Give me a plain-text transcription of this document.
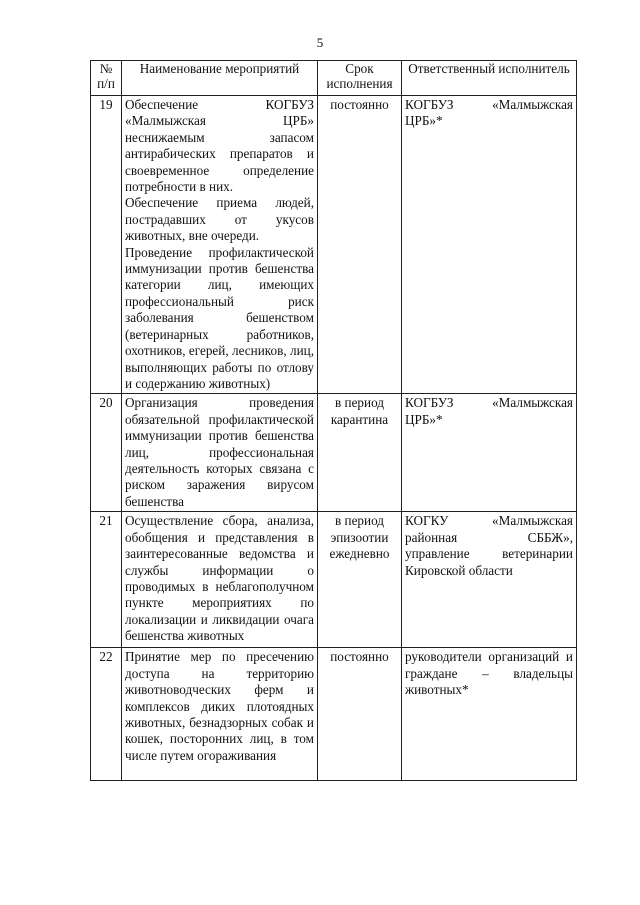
5
№ п/п	Наименование мероприятий	Срок исполнения	Ответственный исполнитель
19	Обеспечение КОГБУЗ «Малмыжская ЦРБ» неснижаемым запасом антирабических препаратов и своевременное определение потребности в них.
Обеспечение приема людей, пострадавших от укусов животных, вне очереди.
Проведение профилактической иммунизации против бешенства категории лиц, имеющих профессиональный риск заболевания бешенством (ветеринарных работников, охотников, егерей, лесников, лиц, выполняющих работы по отлову и содержанию животных)	постоянно	КОГБУЗ «Малмыжская ЦРБ»*
20	Организация проведения обязательной профилактической иммунизации против бешенства лиц, профессиональная деятельность которых связана с риском заражения вирусом бешенства	в период карантина	КОГБУЗ «Малмыжская ЦРБ»*
21	Осуществление сбора, анализа, обобщения и представления в заинтересованные ведомства и службы информации о проводимых в неблагополучном пункте мероприятиях по локализации и ликвидации очага бешенства животных	в период эпизоотии ежедневно	КОГКУ «Малмыжская районная СББЖ», управление ветеринарии Кировской области
22	Принятие мер по пресечению доступа на территорию животноводческих ферм и комплексов диких плотоядных животных, безнадзорных собак и кошек, посторонних лиц, в том числе путем огораживания	постоянно	руководители организаций и граждане – владельцы животных*
